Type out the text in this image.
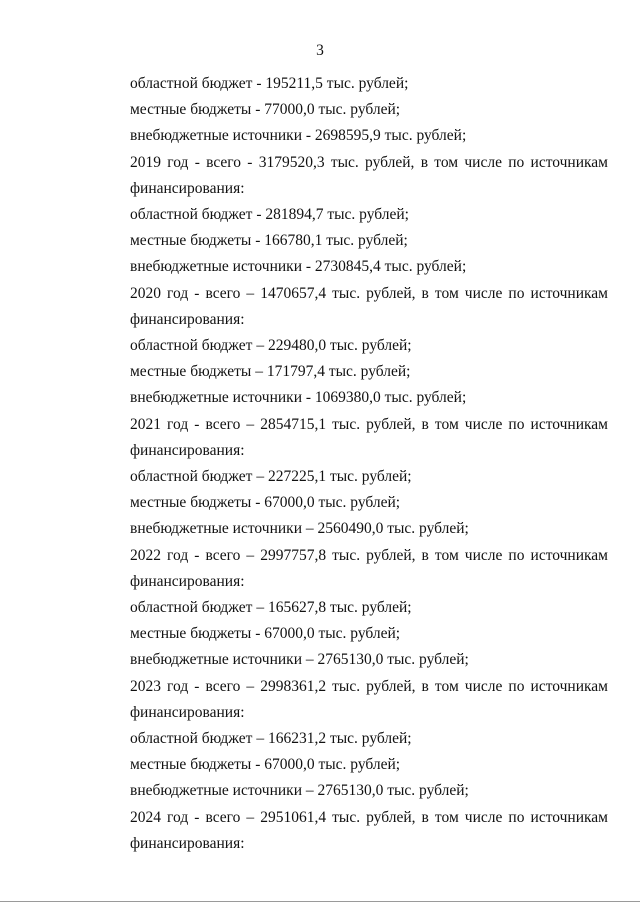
3
областной бюджет - 195211,5 тыс. рублей;
местные бюджеты - 77000,0 тыс. рублей;
внебюджетные источники - 2698595,9 тыс. рублей;
2019 год - всего - 3179520,3 тыс. рублей, в том числе по источникам
финансирования:
областной бюджет - 281894,7 тыс. рублей;
местные бюджеты - 166780,1 тыс. рублей;
внебюджетные источники - 2730845,4 тыс. рублей;
2020 год - всего – 1470657,4 тыс. рублей, в том числе по источникам
финансирования:
областной бюджет – 229480,0 тыс. рублей;
местные бюджеты – 171797,4 тыс. рублей;
внебюджетные источники - 1069380,0 тыс. рублей;
2021 год - всего – 2854715,1 тыс. рублей, в том числе по источникам
финансирования:
областной бюджет – 227225,1 тыс. рублей;
местные бюджеты - 67000,0 тыс. рублей;
внебюджетные источники – 2560490,0 тыс. рублей;
2022 год - всего – 2997757,8 тыс. рублей, в том числе по источникам
финансирования:
областной бюджет – 165627,8 тыс. рублей;
местные бюджеты - 67000,0 тыс. рублей;
внебюджетные источники – 2765130,0 тыс. рублей;
2023 год - всего – 2998361,2 тыс. рублей, в том числе по источникам
финансирования:
областной бюджет – 166231,2 тыс. рублей;
местные бюджеты - 67000,0 тыс. рублей;
внебюджетные источники – 2765130,0 тыс. рублей;
2024 год - всего – 2951061,4 тыс. рублей, в том числе по источникам
финансирования:
